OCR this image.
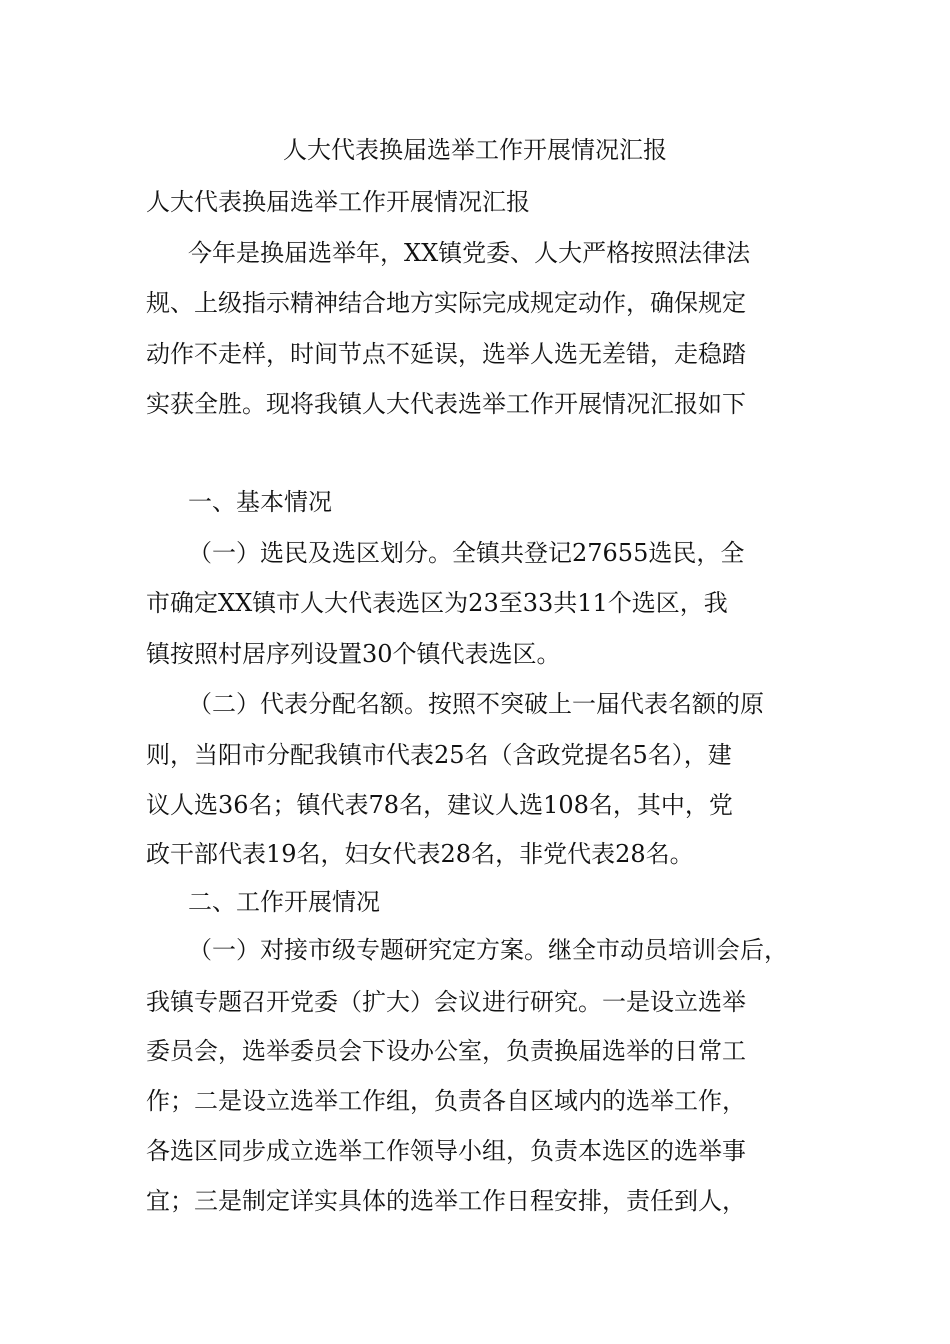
人大代表换届选举工作开展情况汇报
人大代表换届选举工作开展情况汇报
今年是换届选举年，XX镇党委、人大严格按照法律法
规、上级指示精神结合地方实际完成规定动作，确保规定
动作不走样，时间节点不延误，选举人选无差错，走稳踏
实获全胜。现将我镇人大代表选举工作开展情况汇报如下
一、基本情况
（一）选民及选区划分。全镇共登记27655选民，全
市确定XX镇市人大代表选区为23至33共11个选区，我
镇按照村居序列设置30个镇代表选区。
（二）代表分配名额。按照不突破上一届代表名额的原
则，当阳市分配我镇市代表25名（含政党提名5名），建
议人选36名；镇代表78名，建议人选108名，其中，党
政干部代表19名，妇女代表28名，非党代表28名。
二、工作开展情况
（一）对接市级专题研究定方案。继全市动员培训会后，
我镇专题召开党委（扩大）会议进行研究。一是设立选举
委员会，选举委员会下设办公室，负责换届选举的日常工
作；二是设立选举工作组，负责各自区域内的选举工作，
各选区同步成立选举工作领导小组，负责本选区的选举事
宜；三是制定详实具体的选举工作日程安排，责任到人，
